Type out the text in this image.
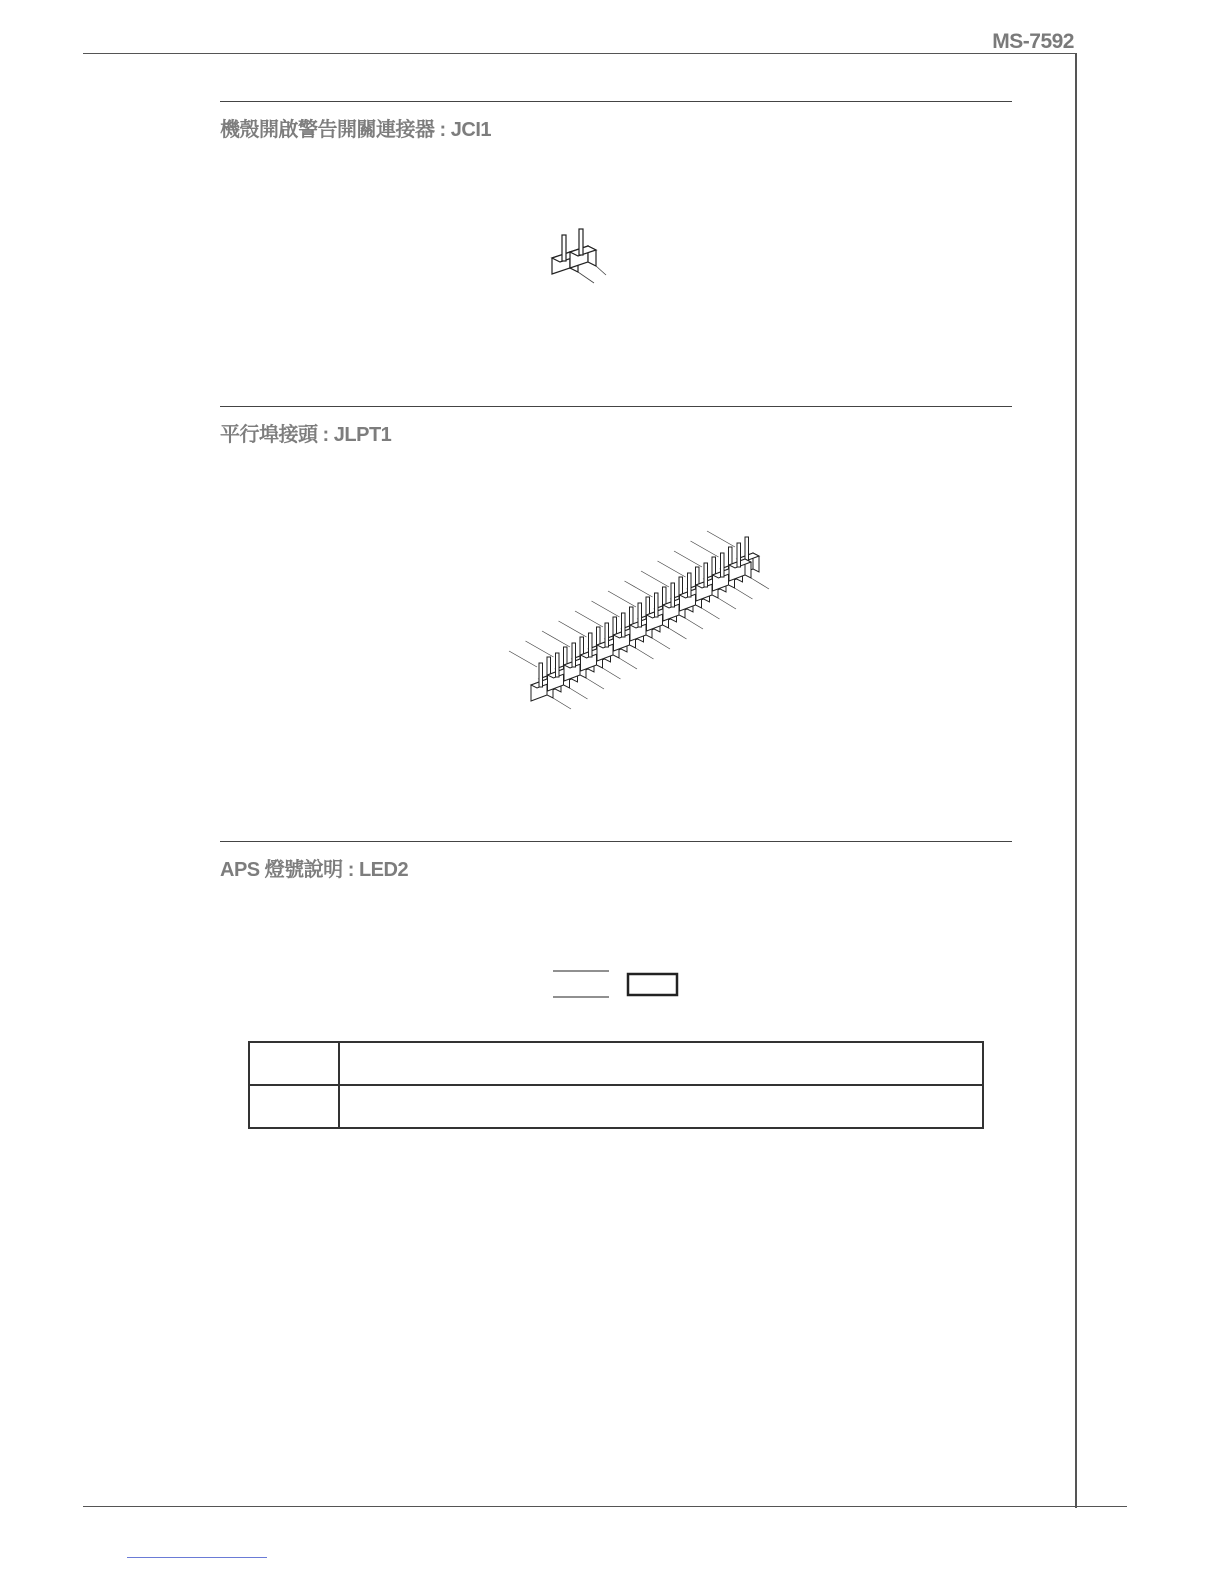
MS-7592
機殼開啟警告開關連接器 : JCI1
平行埠接頭 : JLPT1
APS 燈號說明 : LED2
